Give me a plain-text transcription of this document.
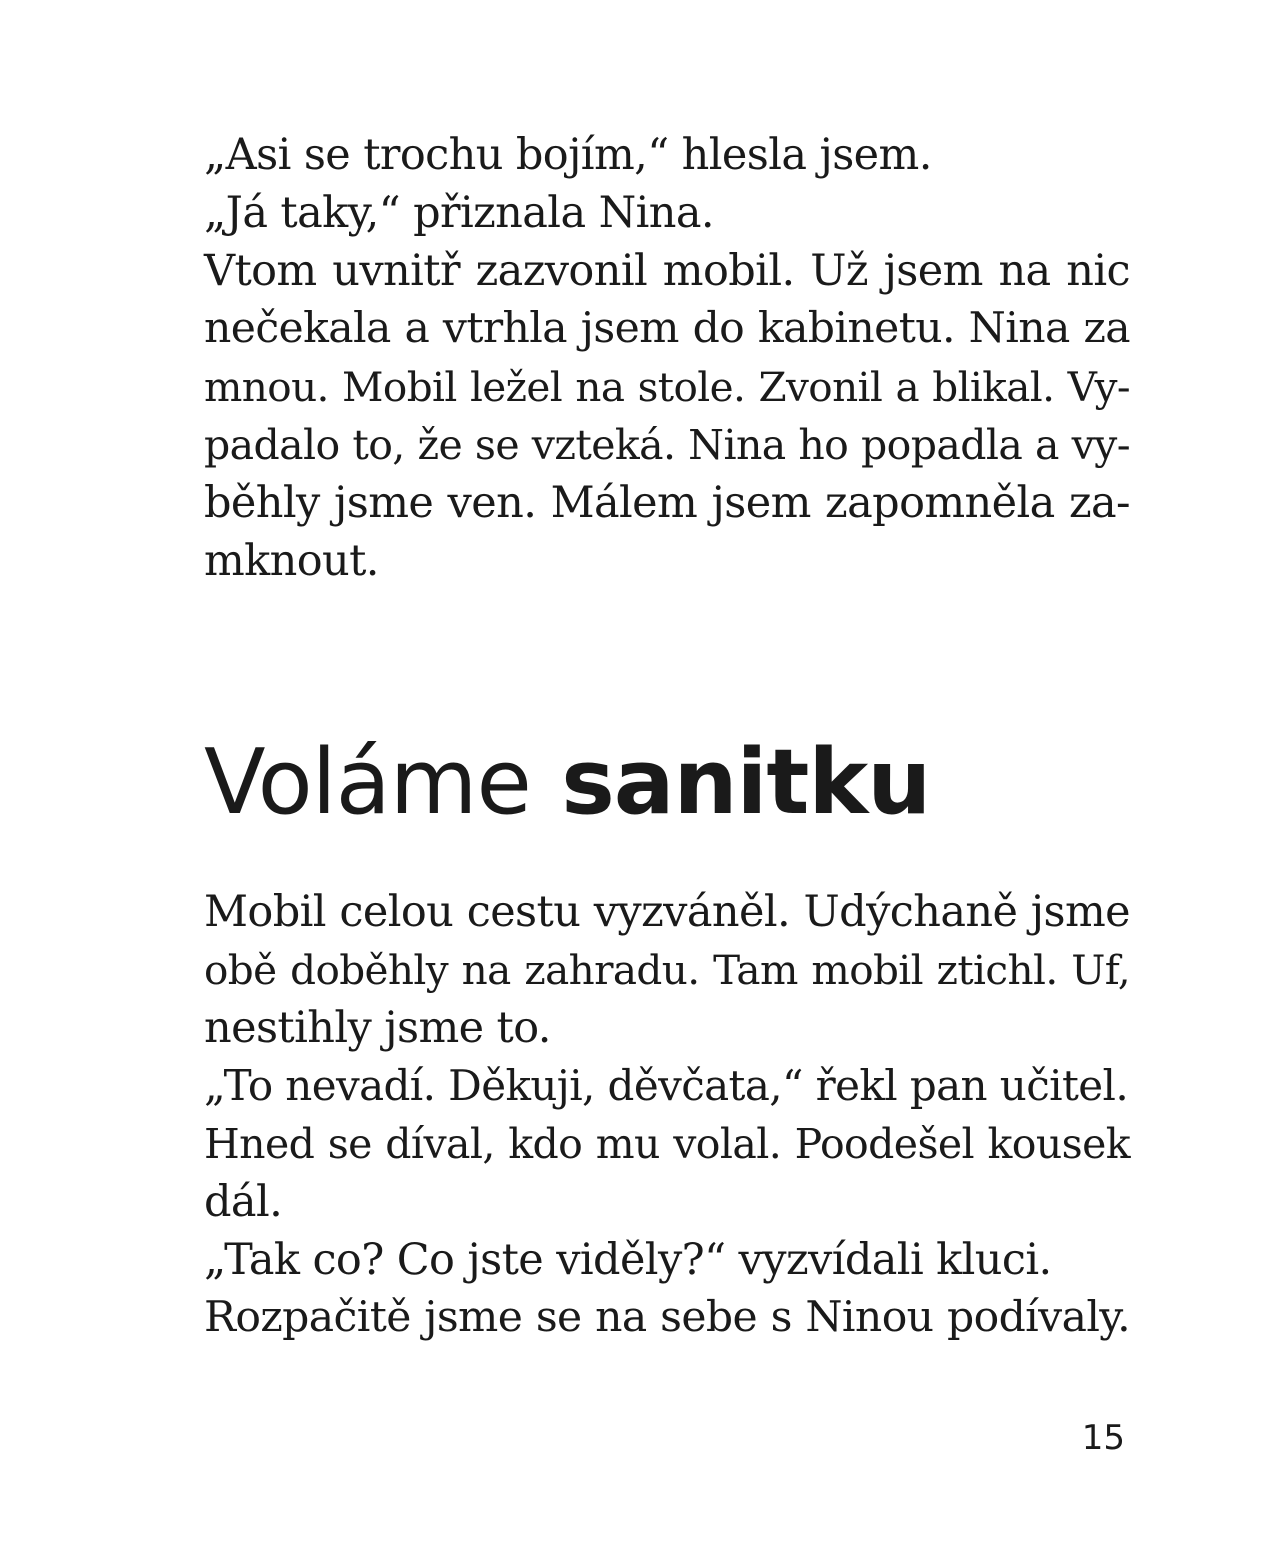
„Asi se trochu bojím,“ hlesla jsem.
„Já taky,“ přiznala Nina.
Vtom uvnitř zazvonil mobil. Už jsem na nic
nečekala a vtrhla jsem do kabinetu. Nina za
mnou. Mobil ležel na stole. Zvonil a blikal. Vy-
padalo to, že se vzteká. Nina ho popadla a vy-
běhly jsme ven. Málem jsem zapomněla za-
mknout.
Voláme sanitku
Mobil celou cestu vyzváněl. Udýchaně jsme
obě doběhly na zahradu. Tam mobil ztichl. Uf,
nestihly jsme to.
„To nevadí. Děkuji, děvčata,“ řekl pan učitel.
Hned se díval, kdo mu volal. Poodešel kousek
dál.
„Tak co? Co jste viděly?“ vyzvídali kluci.
Rozpačitě jsme se na sebe s Ninou podívaly.
15
